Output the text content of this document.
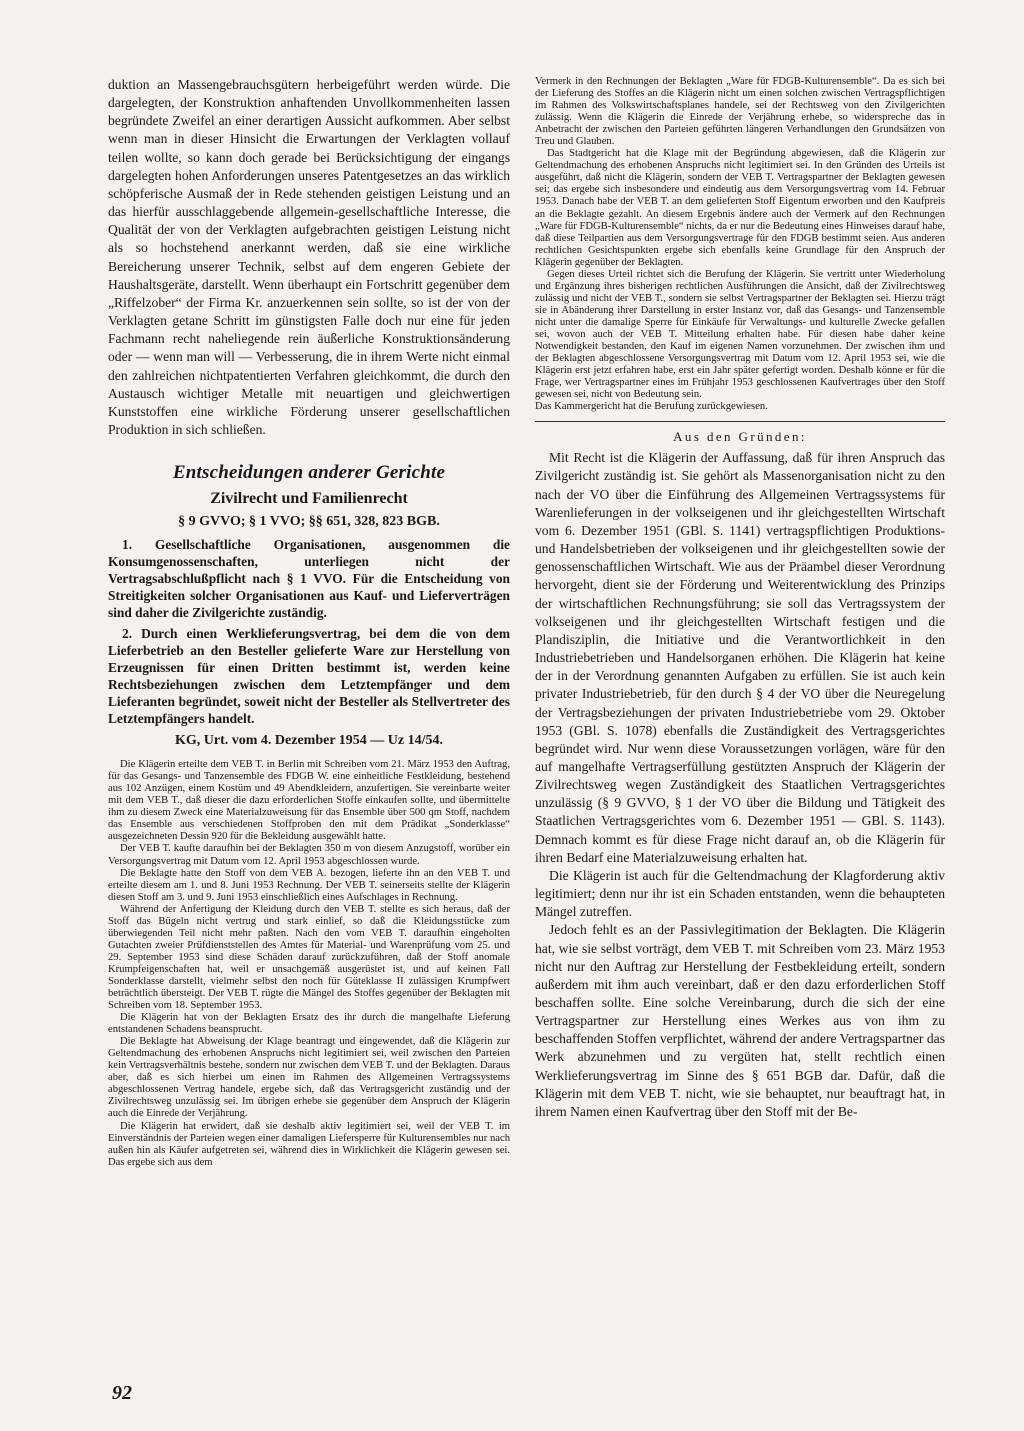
duktion an Massengebrauchsgütern herbeigeführt werden würde. Die dargelegten, der Konstruktion anhaftenden Unvollkommenheiten lassen begründete Zweifel an einer derartigen Aussicht aufkommen. Aber selbst wenn man in dieser Hinsicht die Erwartungen der Verklagten vollauf teilen wollte, so kann doch gerade bei Berücksichtigung der eingangs dargelegten hohen Anforderungen unseres Patentgesetzes an das wirklich schöpferische Ausmaß der in Rede stehenden geistigen Leistung und an das hierfür ausschlaggebende allgemein-gesellschaftliche Interesse, die Qualität der von der Verklagten aufgebrachten geistigen Leistung nicht als so hochstehend anerkannt werden, daß sie eine wirkliche Bereicherung unserer Technik, selbst auf dem engeren Gebiete der Haushaltsgeräte, darstellt. Wenn überhaupt ein Fortschritt gegenüber dem „Riffelzober“ der Firma Kr. anzuerkennen sein sollte, so ist der von der Verklagten getane Schritt im günstigsten Falle doch nur eine für jeden Fachmann recht naheliegende rein äußerliche Konstruktionsänderung oder — wenn man will — Verbesserung, die in ihrem Werte nicht einmal den zahlreichen nichtpatentierten Verfahren gleichkommt, die durch den Austausch wichtiger Metalle mit neuartigen und gleichwertigen Kunststoffen eine wirkliche Förderung unserer gesellschaftlichen Produktion in sich schließen.

Entscheidungen anderer Gerichte
Zivilrecht und Familienrecht
§ 9 GVVO; § 1 VVO; §§ 651, 328, 823 BGB.

1. Gesellschaftliche Organisationen, ausgenommen die Konsumgenossenschaften, unterliegen nicht der Vertragsabschlußpflicht nach § 1 VVO. Für die Entscheidung von Streitigkeiten solcher Organisationen aus Kauf- und Lieferverträgen sind daher die Zivilgerichte zuständig.

2. Durch einen Werklieferungsvertrag, bei dem die von dem Lieferbetrieb an den Besteller gelieferte Ware zur Herstellung von Erzeugnissen für einen Dritten bestimmt ist, werden keine Rechtsbeziehungen zwischen dem Letztempfänger und dem Lieferanten begründet, soweit nicht der Besteller als Stellvertreter des Letztempfängers handelt.

KG, Urt. vom 4. Dezember 1954 — Uz 14/54.

Die Klägerin erteilte dem VEB T. in Berlin mit Schreiben vom 21. März 1953 den Auftrag, für das Gesangs- und Tanzensemble des FDGB W. eine einheitliche Festkleidung, bestehend aus 102 Anzügen, einem Kostüm und 49 Abendkleidern, anzufertigen. Sie vereinbarte weiter mit dem VEB T., daß dieser die dazu erforderlichen Stoffe einkaufen sollte, und übermittelte ihm zu diesem Zweck eine Materialzuweisung für das Ensemble über 500 qm Stoff, nachdem das Ensemble aus verschiedenen Stoffproben den mit dem Prädikat „Sonderklasse“ ausgezeichneten Dessin 920 für die Bekleidung ausgewählt hatte.

Der VEB T. kaufte daraufhin bei der Beklagten 350 m von diesem Anzugstoff, worüber ein Versorgungsvertrag mit Datum vom 12. April 1953 abgeschlossen wurde.

Die Beklagte hatte den Stoff von dem VEB A. bezogen, lieferte ihn an den VEB T. und erteilte diesem am 1. und 8. Juni 1953 Rechnung. Der VEB T. seinerseits stellte der Klägerin diesen Stoff am 3. und 9. Juni 1953 einschließlich eines Aufschlages in Rechnung.

Während der Anfertigung der Kleidung durch den VEB T. stellte es sich heraus, daß der Stoff das Bügeln nicht vertrug und stark einlief, so daß die Kleidungsstücke zum überwiegenden Teil nicht mehr paßten. Nach den vom VEB T. daraufhin eingeholten Gutachten zweier Prüfdienststellen des Amtes für Material- und Warenprüfung vom 25. und 29. September 1953 sind diese Schäden darauf zurückzuführen, daß der Stoff anomale Krumpfeigenschaften hat, weil er unsachgemäß ausgerüstet ist, und auf keinen Fall Sonderklasse darstellt, vielmehr selbst den noch für Güteklasse II zulässigen Krumpfwert beträchtlich übersteigt. Der VEB T. rügte die Mängel des Stoffes gegenüber der Beklagten mit Schreiben vom 18. September 1953.

Die Klägerin hat von der Beklagten Ersatz des ihr durch die mangelhafte Lieferung entstandenen Schadens beansprucht.

Die Beklagte hat Abweisung der Klage beantragt und eingewendet, daß die Klägerin zur Geltendmachung des erhobenen Anspruchs nicht legitimiert sei, weil zwischen den Parteien kein Vertragsverhältnis bestehe, sondern nur zwischen dem VEB T. und der Beklagten. Daraus aber, daß es sich hierbei um einen im Rahmen des Allgemeinen Vertragssystems abgeschlossenen Vertrag handele, ergebe sich, daß das Vertragsgericht zuständig und der Zivilrechtsweg unzulässig sei. Im übrigen erhebe sie gegenüber dem Anspruch der Klägerin auch die Einrede der Verjährung.

Die Klägerin hat erwidert, daß sie deshalb aktiv legitimiert sei, weil der VEB T. im Einverständnis der Parteien wegen einer damaligen Liefersperre für Kulturensembles nur nach außen hin als Käufer aufgetreten sei, während dies in Wirklichkeit die Klägerin gewesen sei. Das ergebe sich aus dem

Vermerk in den Rechnungen der Beklagten „Ware für FDGB-Kulturensemble“. Da es sich bei der Lieferung des Stoffes an die Klägerin nicht um einen solchen zwischen Vertragspflichtigen im Rahmen des Volkswirtschaftsplanes handele, sei der Rechtsweg von den Zivilgerichten zulässig. Wenn die Klägerin die Einrede der Verjährung erhebe, so widerspreche das in Anbetracht der zwischen den Parteien geführten längeren Verhandlungen den Grundsätzen von Treu und Glauben.

Das Stadtgericht hat die Klage mit der Begründung abgewiesen, daß die Klägerin zur Geltendmachung des erhobenen Anspruchs nicht legitimiert sei. In den Gründen des Urteils ist ausgeführt, daß nicht die Klägerin, sondern der VEB T. Vertragspartner der Beklagten gewesen sei; das ergebe sich insbesondere und eindeutig aus dem Versorgungsvertrag vom 14. Februar 1953. Danach habe der VEB T. an dem gelieferten Stoff Eigentum erworben und den Kaufpreis an die Beklagte gezahlt. An diesem Ergebnis ändere auch der Vermerk auf den Rechnungen „Ware für FDGB-Kulturensemble“ nichts, da er nur die Bedeutung eines Hinweises darauf habe, daß diese Teilpartien aus dem Versorgungsvertrage für den FDGB bestimmt seien. Aus anderen rechtlichen Gesichtspunkten ergebe sich ebenfalls keine Grundlage für den Anspruch der Klägerin gegenüber der Beklagten.

Gegen dieses Urteil richtet sich die Berufung der Klägerin. Sie vertritt unter Wiederholung und Ergänzung ihres bisherigen rechtlichen Ausführungen die Ansicht, daß der Zivilrechtsweg zulässig und nicht der VEB T., sondern sie selbst Vertragspartner der Beklagten sei. Hierzu trägt sie in Abänderung ihrer Darstellung in erster Instanz vor, daß das Gesangs- und Tanzensemble nicht unter die damalige Sperre für Einkäufe für Verwaltungs- und kulturelle Zwecke gefallen sei, wovon auch der VEB T. Mitteilung erhalten habe. Für diesen habe daher keine Notwendigkeit bestanden, den Kauf im eigenen Namen vorzunehmen. Der zwischen ihm und der Beklagten abgeschlossene Versorgungsvertrag mit Datum vom 12. April 1953 sei, wie die Klägerin erst jetzt erfahren habe, erst ein Jahr später gefertigt worden. Deshalb könne er für die Frage, wer Vertragspartner eines im Frühjahr 1953 geschlossenen Kaufvertrages über den Stoff gewesen sei, nicht von Bedeutung sein.

Das Kammergericht hat die Berufung zurückgewiesen.

Aus den Gründen:

Mit Recht ist die Klägerin der Auffassung, daß für ihren Anspruch das Zivilgericht zuständig ist. Sie gehört als Massenorganisation nicht zu den nach der VO über die Einführung des Allgemeinen Vertragssystems für Warenlieferungen in der volkseigenen und ihr gleichgestellten Wirtschaft vom 6. Dezember 1951 (GBl. S. 1141) vertragspflichtigen Produktions- und Handelsbetrieben der volkseigenen und ihr gleichgestellten sowie der genossenschaftlichen Wirtschaft. Wie aus der Präambel dieser Verordnung hervorgeht, dient sie der Förderung und Weiterentwicklung des Prinzips der wirtschaftlichen Rechnungsführung; sie soll das Vertragssystem der volkseigenen und ihr gleichgestellten Wirtschaft festigen und die Plandisziplin, die Initiative und die Verantwortlichkeit in den Industriebetrieben und Handelsorganen erhöhen. Die Klägerin hat keine der in der Verordnung genannten Aufgaben zu erfüllen. Sie ist auch kein privater Industriebetrieb, für den durch § 4 der VO über die Neuregelung der Vertragsbeziehungen der privaten Industriebetriebe vom 29. Oktober 1953 (GBl. S. 1078) ebenfalls die Zuständigkeit des Vertragsgerichtes begründet wird. Nur wenn diese Voraussetzungen vorlägen, wäre für den auf mangelhafte Vertragserfüllung gestützten Anspruch der Klägerin der Zivilrechtsweg wegen Zuständigkeit des Staatlichen Vertragsgerichtes unzulässig (§ 9 GVVO, § 1 der VO über die Bildung und Tätigkeit des Staatlichen Vertragsgerichtes vom 6. Dezember 1951 — GBl. S. 1143). Demnach kommt es für diese Frage nicht darauf an, ob die Klägerin für ihren Bedarf eine Materialzuweisung erhalten hat.

Die Klägerin ist auch für die Geltendmachung der Klagforderung aktiv legitimiert; denn nur ihr ist ein Schaden entstanden, wenn die behaupteten Mängel zutreffen.

Jedoch fehlt es an der Passivlegitimation der Beklagten. Die Klägerin hat, wie sie selbst vorträgt, dem VEB T. mit Schreiben vom 23. März 1953 nicht nur den Auftrag zur Herstellung der Festbekleidung erteilt, sondern außerdem mit ihm auch vereinbart, daß er den dazu erforderlichen Stoff beschaffen sollte. Eine solche Vereinbarung, durch die sich der eine Vertragspartner zur Herstellung eines Werkes aus von ihm zu beschaffenden Stoffen verpflichtet, während der andere Vertragspartner das Werk abzunehmen und zu vergüten hat, stellt rechtlich einen Werklieferungsvertrag im Sinne des § 651 BGB dar. Dafür, daß die Klägerin mit dem VEB T. nicht, wie sie behauptet, nur beauftragt hat, in ihrem Namen einen Kaufvertrag über den Stoff mit der Be-

92
